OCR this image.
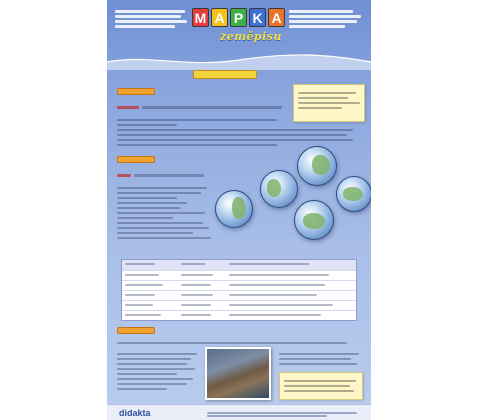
M A P K A
zeměpisu
didakta
